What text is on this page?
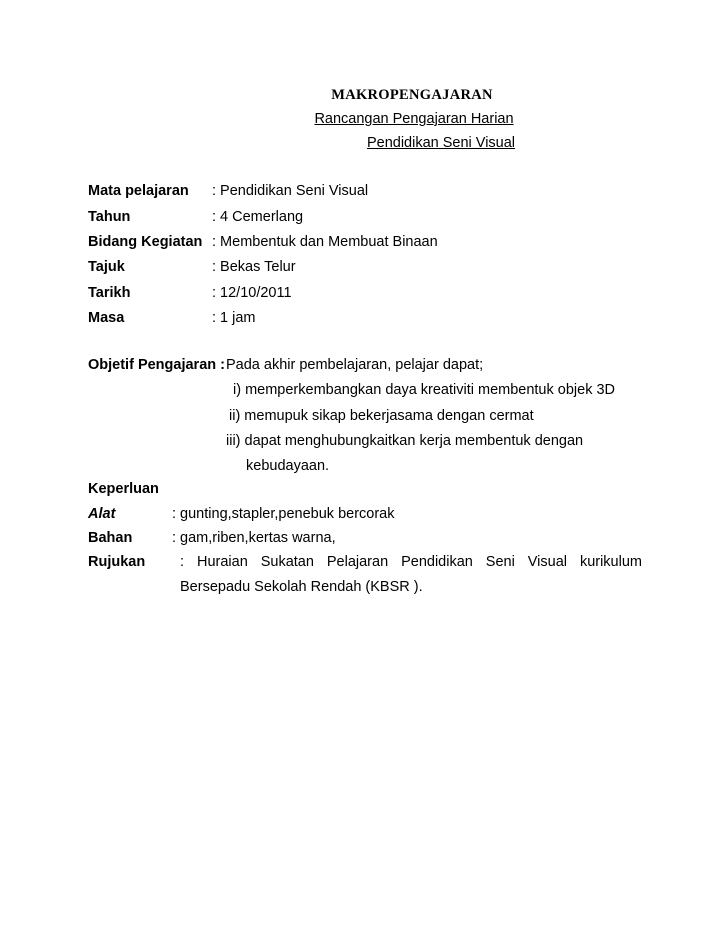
MAKROPENGAJARAN
Rancangan Pengajaran Harian
Pendidikan Seni Visual
Mata pelajaran : Pendidikan Seni Visual
Tahun	: 4 Cemerlang
Bidang Kegiatan : Membentuk dan Membuat Binaan
Tajuk	: Bekas Telur
Tarikh	: 12/10/2011
Masa	: 1 jam
Objetif Pengajaran : Pada akhir pembelajaran, pelajar dapat;
i) memperkembangkan daya kreativiti membentuk objek 3D
ii) memupuk sikap bekerjasama dengan cermat
iii) dapat menghubungkaitkan kerja membentuk dengan
kebudayaan.
Keperluan
Alat	: gunting,stapler,penebuk bercorak
Bahan	: gam,riben,kertas warna,
Rujukan : Huraian Sukatan Pelajaran Pendidikan Seni Visual kurikulum
Bersepadu Sekolah Rendah (KBSR ).
